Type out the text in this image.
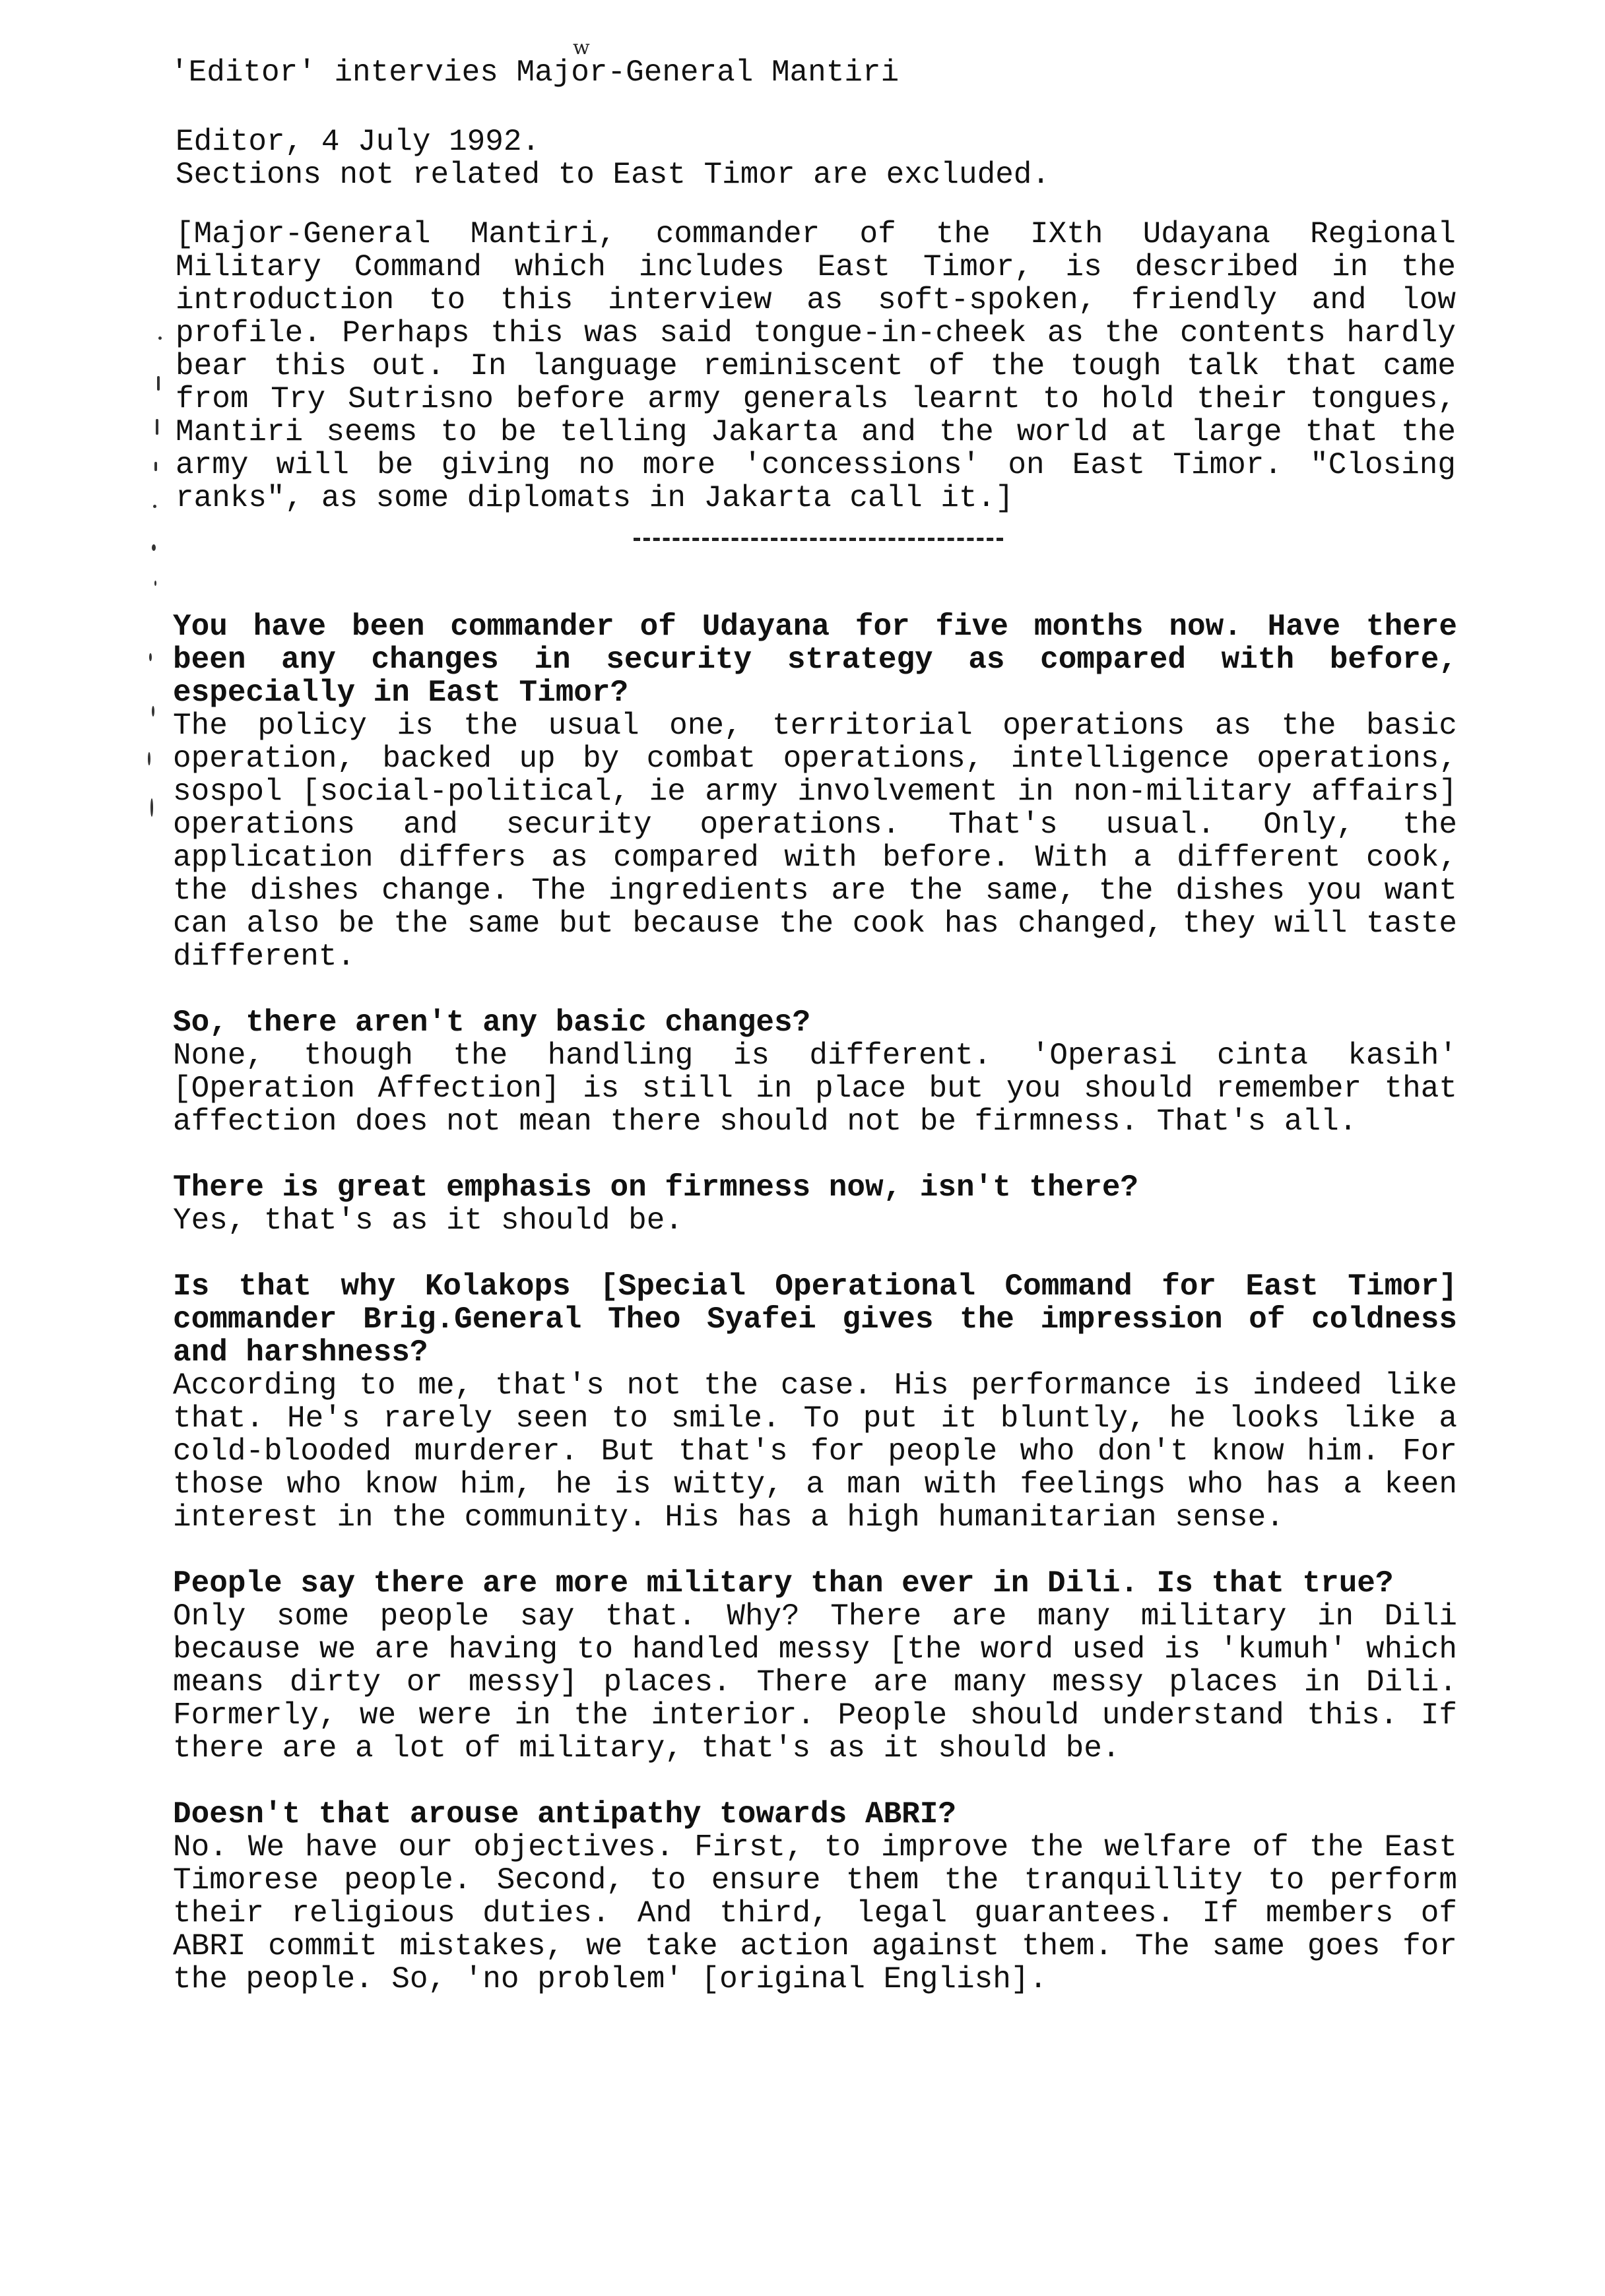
'Editor' intervies Major-General Mantiri
w
Editor, 4 July 1992.
Sections not related to East Timor are excluded.
[Major-General Mantiri, commander of the IXth Udayana Regional Military Command which includes East Timor, is described in the introduction to this interview as soft-spoken, friendly and low profile. Perhaps this was said tongue-in-cheek as the contents hardly bear this out. In language reminiscent of the tough talk that came from Try Sutrisno before army generals learnt to hold their tongues, Mantiri seems to be telling Jakarta and the world at large that the army will be giving no more 'concessions' on East Timor. "Closing ranks", as some diplomats in Jakarta call it.]
You have been commander of Udayana for five months now. Have there been any changes in security strategy as compared with before, especially in East Timor?
The policy is the usual one, territorial operations as the basic operation, backed up by combat operations, intelligence operations, sospol [social-political, ie army involvement in non-military affairs] operations and security operations. That's usual. Only, the application differs as compared with before. With a different cook, the dishes change. The ingredients are the same, the dishes you want can also be the same but because the cook has changed, they will taste different.
So, there aren't any basic changes?
None, though the handling is different. 'Operasi cinta kasih' [Operation Affection] is still in place but you should remember that affection does not mean there should not be firmness. That's all.
There is great emphasis on firmness now, isn't there?
Yes, that's as it should be.
Is that why Kolakops [Special Operational Command for East Timor] commander Brig.General Theo Syafei gives the impression of coldness and harshness?
According to me, that's not the case. His performance is indeed like that. He's rarely seen to smile. To put it bluntly, he looks like a cold-blooded murderer. But that's for people who don't know him. For those who know him, he is witty, a man with feelings who has a keen interest in the community. His has a high humanitarian sense.
People say there are more military than ever in Dili. Is that true?
Only some people say that. Why? There are many military in Dili because we are having to handled messy [the word used is 'kumuh' which means dirty or messy] places. There are many messy places in Dili. Formerly, we were in the interior. People should understand this. If there are a lot of military, that's as it should be.
Doesn't that arouse antipathy towards ABRI?
No. We have our objectives. First, to improve the welfare of the East Timorese people. Second, to ensure them the tranquillity to perform their religious duties. And third, legal guarantees. If members of ABRI commit mistakes, we take action against them. The same goes for the people. So, 'no problem' [original English].
